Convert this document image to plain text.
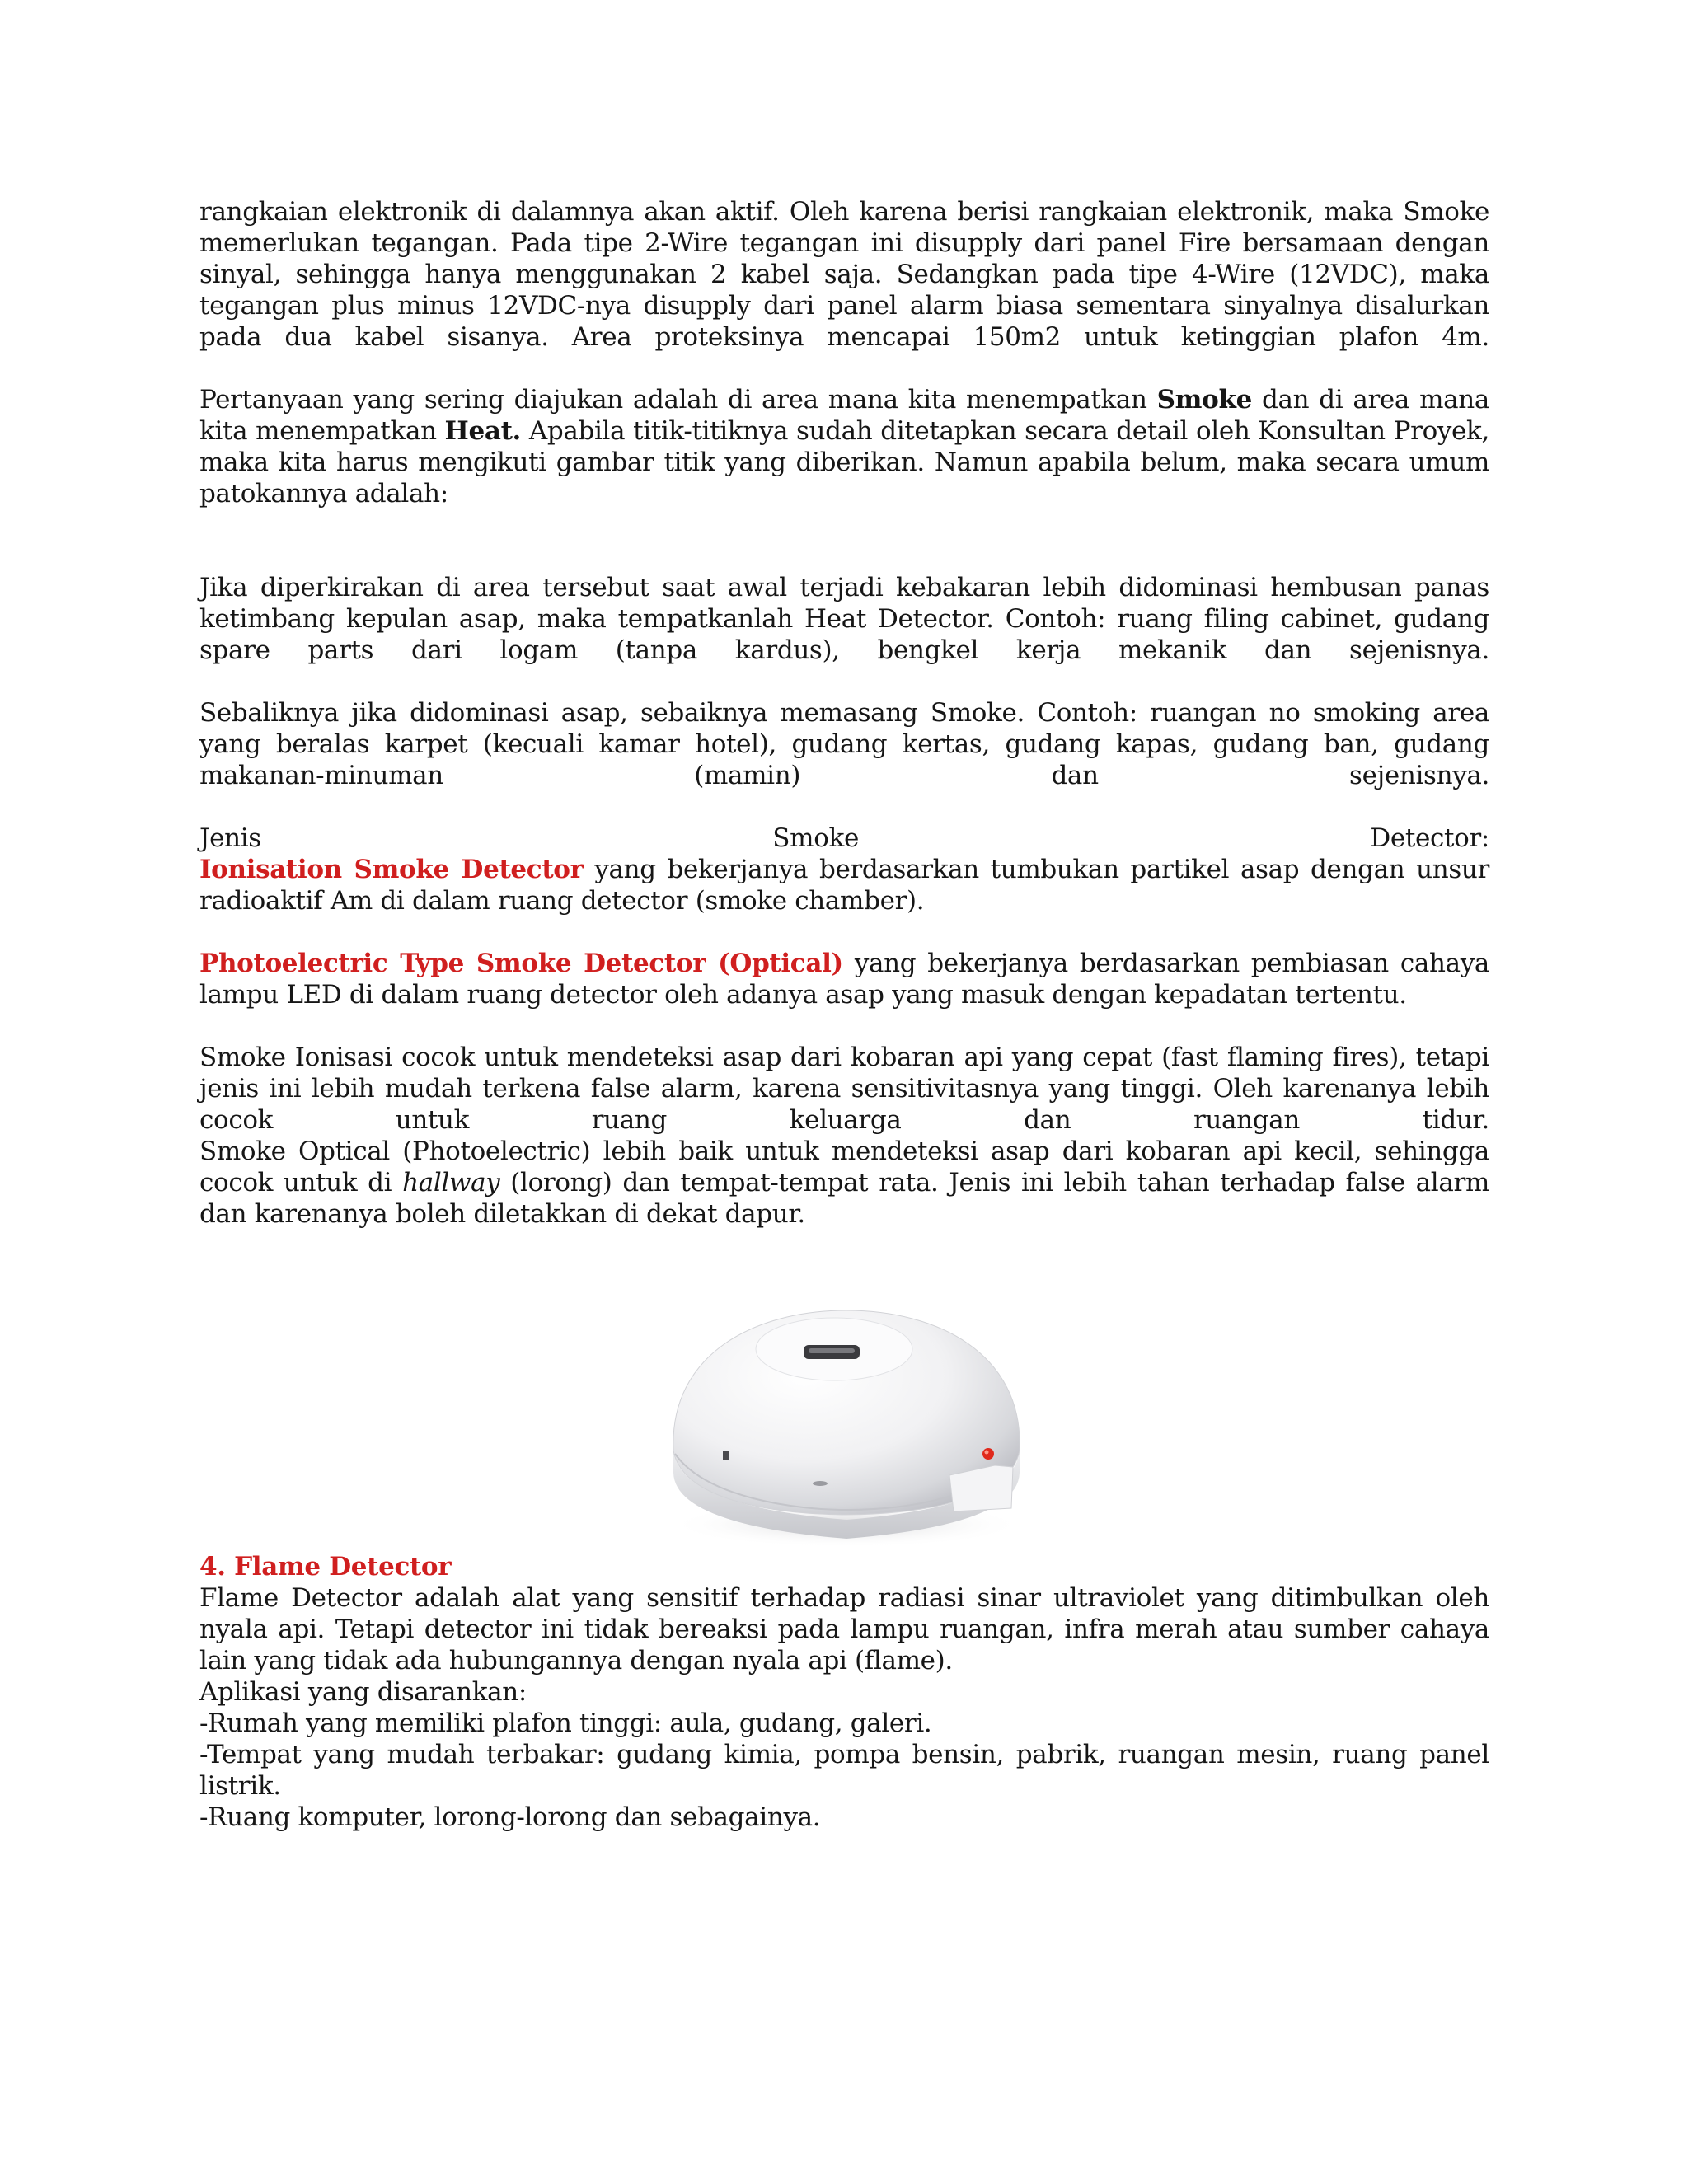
rangkaian elektronik di dalamnya akan aktif. Oleh karena berisi rangkaian elektronik, maka Smoke memerlukan tegangan. Pada tipe 2-Wire tegangan ini disupply dari panel Fire bersamaan dengan sinyal, sehingga hanya menggunakan 2 kabel saja. Sedangkan pada tipe 4-Wire (12VDC), maka tegangan plus minus 12VDC-nya disupply dari panel alarm biasa sementara sinyalnya disalurkan pada dua kabel sisanya. Area proteksinya mencapai 150m2 untuk ketinggian plafon 4m.

Pertanyaan yang sering diajukan adalah di area mana kita menempatkan Smoke dan di area mana kita menempatkan Heat. Apabila titik-titiknya sudah ditetapkan secara detail oleh Konsultan Proyek, maka kita harus mengikuti gambar titik yang diberikan. Namun apabila belum, maka secara umum patokannya adalah:

Jika diperkirakan di area tersebut saat awal terjadi kebakaran lebih didominasi hembusan panas ketimbang kepulan asap, maka tempatkanlah Heat Detector. Contoh: ruang filing cabinet, gudang spare parts dari logam (tanpa kardus), bengkel kerja mekanik dan sejenisnya.

Sebaliknya jika didominasi asap, sebaiknya memasang Smoke. Contoh: ruangan no smoking area yang beralas karpet (kecuali kamar hotel), gudang kertas, gudang kapas, gudang ban, gudang makanan-minuman (mamin) dan sejenisnya.

Jenis Smoke Detector:

Ionisation Smoke Detector yang bekerjanya berdasarkan tumbukan partikel asap dengan unsur radioaktif Am di dalam ruang detector (smoke chamber).

Photoelectric Type Smoke Detector (Optical) yang bekerjanya berdasarkan pembiasan cahaya lampu LED di dalam ruang detector oleh adanya asap yang masuk dengan kepadatan tertentu.

Smoke Ionisasi cocok untuk mendeteksi asap dari kobaran api yang cepat (fast flaming fires), tetapi jenis ini lebih mudah terkena false alarm, karena sensitivitasnya yang tinggi. Oleh karenanya lebih cocok untuk ruang keluarga dan ruangan tidur.

Smoke Optical (Photoelectric) lebih baik untuk mendeteksi asap dari kobaran api kecil, sehingga cocok untuk di hallway (lorong) dan tempat-tempat rata. Jenis ini lebih tahan terhadap false alarm dan karenanya boleh diletakkan di dekat dapur.

4. Flame Detector

Flame Detector adalah alat yang sensitif terhadap radiasi sinar ultraviolet yang ditimbulkan oleh nyala api. Tetapi detector ini tidak bereaksi pada lampu ruangan, infra merah atau sumber cahaya lain yang tidak ada hubungannya dengan nyala api (flame).

Aplikasi yang disarankan:

-Rumah yang memiliki plafon tinggi: aula, gudang, galeri.

-Tempat yang mudah terbakar: gudang kimia, pompa bensin, pabrik, ruangan mesin, ruang panel listrik.

-Ruang komputer, lorong-lorong dan sebagainya.
